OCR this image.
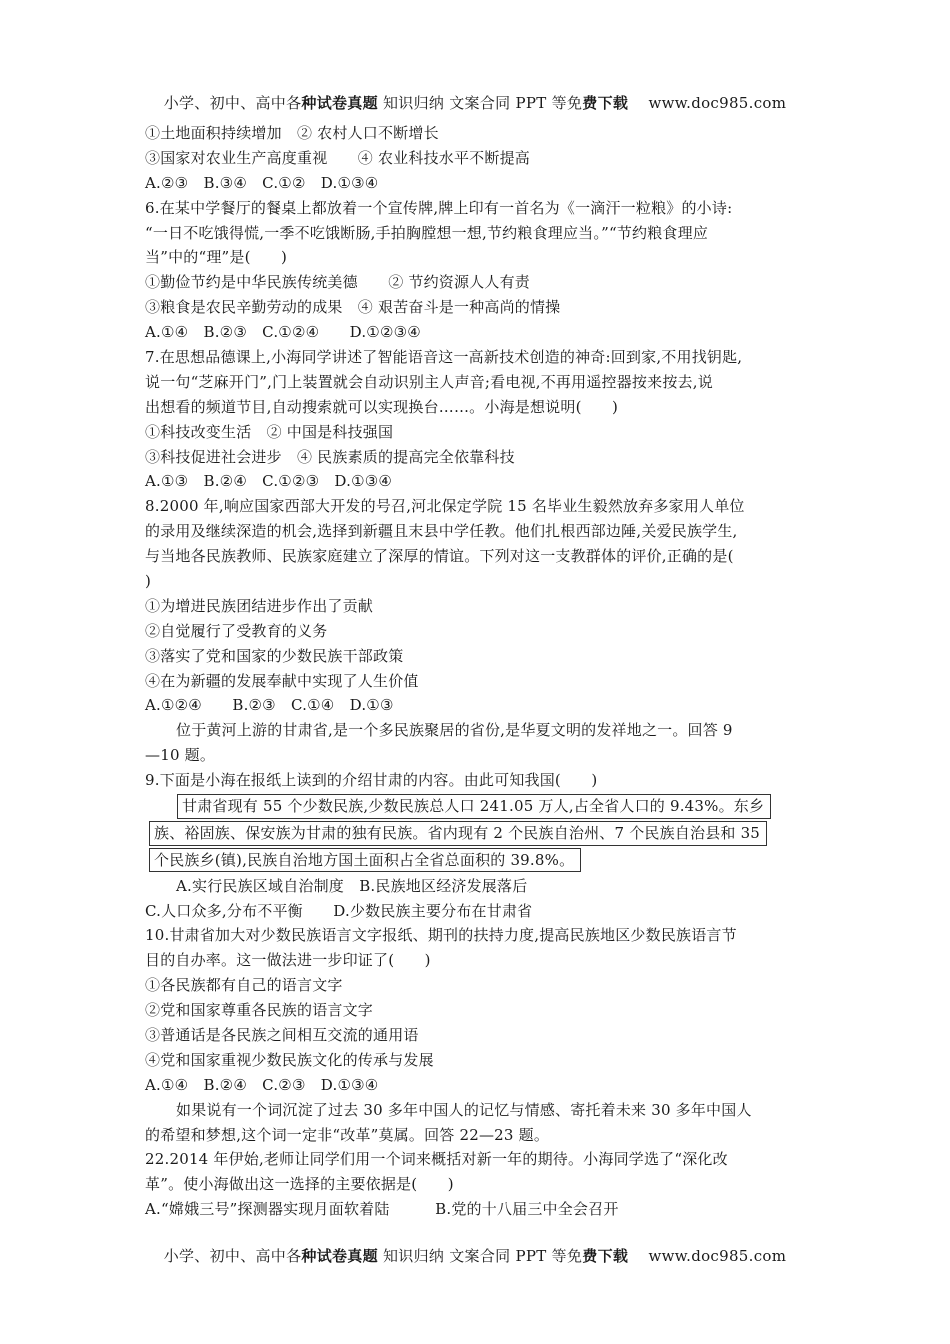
小学、初中、高中各种试卷真题 知识归纳 文案合同 PPT 等免费下载 www.doc985.com
①土地面积持续增加　② 农村人口不断增长
③国家对农业生产高度重视　　④ 农业科技水平不断提高
A.②③　B.③④　C.①②　D.①③④
6.在某中学餐厅的餐桌上都放着一个宣传牌,牌上印有一首名为《一滴汗一粒粮》的小诗:
“一日不吃饿得慌,一季不吃饿断肠,手拍胸膛想一想,节约粮食理应当。”“节约粮食理应
当”中的“理”是(　　)
①勤俭节约是中华民族传统美德　　② 节约资源人人有责
③粮食是农民辛勤劳动的成果　④ 艰苦奋斗是一种高尚的情操
A.①④　B.②③　C.①②④　　D.①②③④
7.在思想品德课上,小海同学讲述了智能语音这一高新技术创造的神奇:回到家,不用找钥匙,
说一句“芝麻开门”,门上装置就会自动识别主人声音;看电视,不再用遥控器按来按去,说
出想看的频道节目,自动搜索就可以实现换台……。小海是想说明(　　)
①科技改变生活　② 中国是科技强国
③科技促进社会进步　④ 民族素质的提高完全依靠科技
A.①③　B.②④　C.①②③　D.①③④
8.2000 年,响应国家西部大开发的号召,河北保定学院 15 名毕业生毅然放弃多家用人单位
的录用及继续深造的机会,选择到新疆且末县中学任教。他们扎根西部边陲,关爱民族学生,
与当地各民族教师、民族家庭建立了深厚的情谊。下列对这一支教群体的评价,正确的是(
)
①为增进民族团结进步作出了贡献
②自觉履行了受教育的义务
③落实了党和国家的少数民族干部政策
④在为新疆的发展奉献中实现了人生价值
A.①②④　　B.②③　C.①④　D.①③
位于黄河上游的甘肃省,是一个多民族聚居的省份,是华夏文明的发祥地之一。回答 9
—10 题。
9.下面是小海在报纸上读到的介绍甘肃的内容。由此可知我国(　　)
甘肃省现有 55 个少数民族,少数民族总人口 241.05 万人,占全省人口的 9.43%。东乡
族、裕固族、保安族为甘肃的独有民族。省内现有 2 个民族自治州、7 个民族自治县和 35
个民族乡(镇),民族自治地方国土面积占全省总面积的 39.8%。
A.实行民族区域自治制度　B.民族地区经济发展落后
C.人口众多,分布不平衡　　D.少数民族主要分布在甘肃省
10.甘肃省加大对少数民族语言文字报纸、期刊的扶持力度,提高民族地区少数民族语言节
目的自办率。这一做法进一步印证了(　　)
①各民族都有自己的语言文字
②党和国家尊重各民族的语言文字
③普通话是各民族之间相互交流的通用语
④党和国家重视少数民族文化的传承与发展
A.①④　B.②④　C.②③　D.①③④
如果说有一个词沉淀了过去 30 多年中国人的记忆与情感、寄托着未来 30 多年中国人
的希望和梦想,这个词一定非“改革”莫属。回答 22—23 题。
22.2014 年伊始,老师让同学们用一个词来概括对新一年的期待。小海同学选了“深化改
革”。使小海做出这一选择的主要依据是(　　)
A.“嫦娥三号”探测器实现月面软着陆　　　B.党的十八届三中全会召开
小学、初中、高中各种试卷真题 知识归纳 文案合同 PPT 等免费下载 www.doc985.com
